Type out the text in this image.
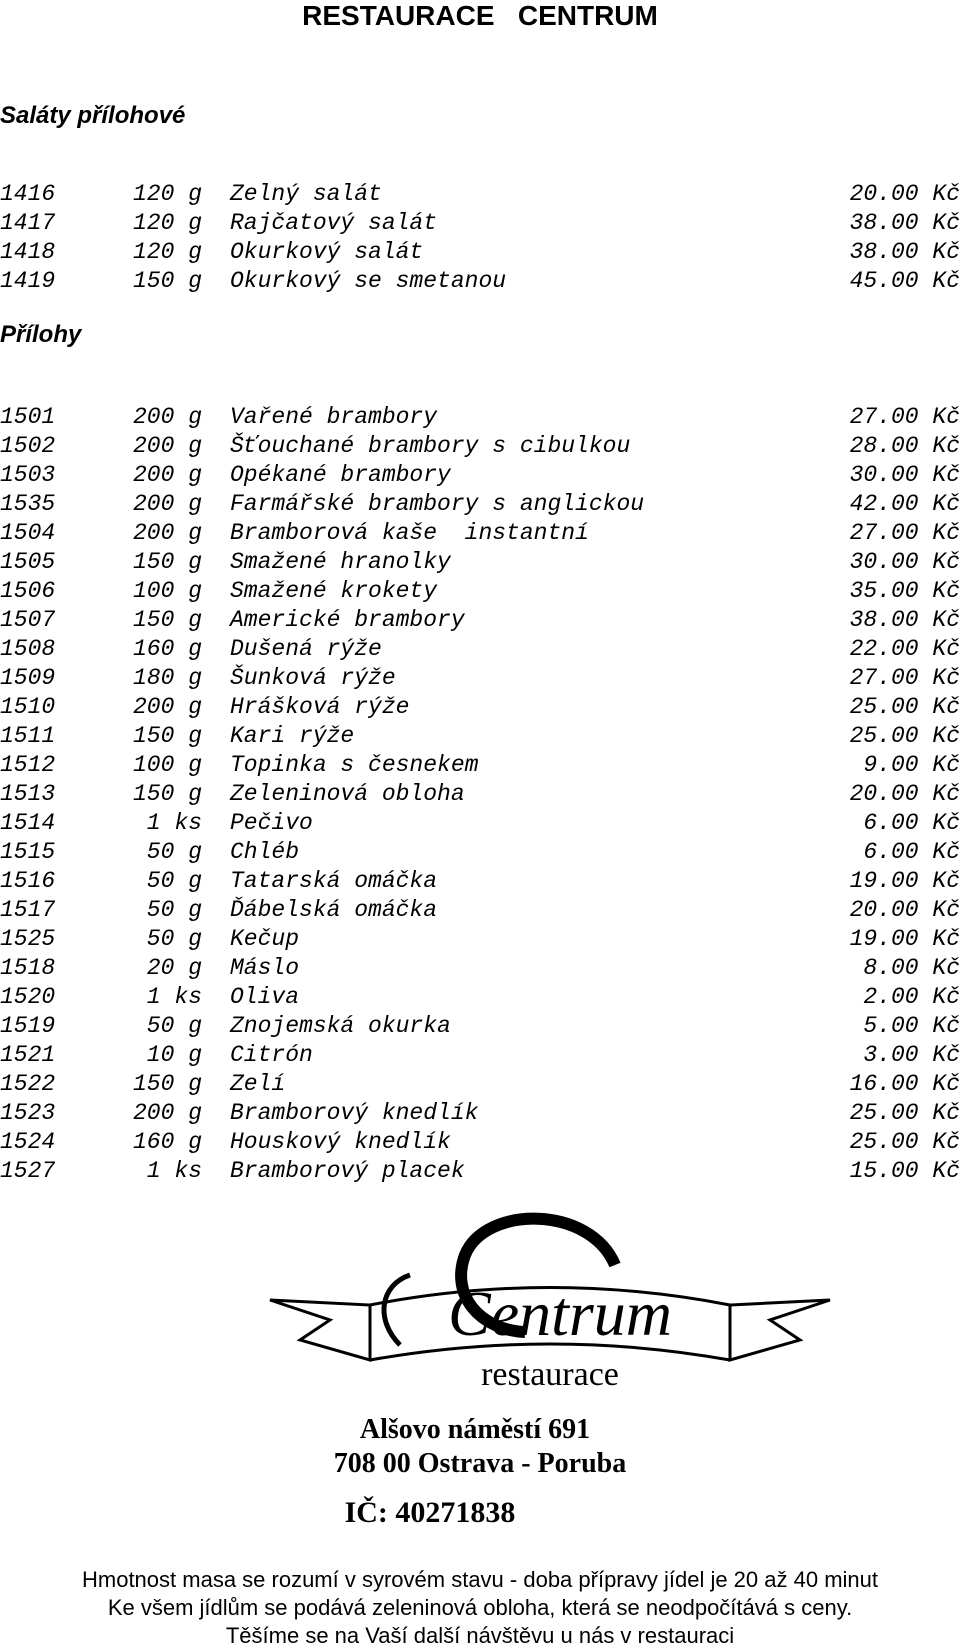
RESTAURACE   CENTRUM
Saláty přílohové
1416	120 g Zelný salát	20.00 Kč
1417	120 g Rajčatový salát	38.00 Kč
1418	120 g Okurkový salát	38.00 Kč
1419	150 g Okurkový se smetanou	45.00 Kč
Přílohy
1501	200 g Vařené brambory	27.00 Kč
1502	200 g Šťouchané brambory s cibulkou	28.00 Kč
1503	200 g Opékané brambory	30.00 Kč
1535	200 g Farmářské brambory s anglickou	42.00 Kč
1504	200 g Bramborová kaše  instantní	27.00 Kč
1505	150 g Smažené hranolky	30.00 Kč
1506	100 g Smažené krokety	35.00 Kč
1507	150 g Americké brambory	38.00 Kč
1508	160 g Dušená rýže	22.00 Kč
1509	180 g Šunková rýže	27.00 Kč
1510	200 g Hrášková rýže	25.00 Kč
1511	150 g Kari rýže	25.00 Kč
1512	100 g Topinka s česnekem	9.00 Kč
1513	150 g Zeleninová obloha	20.00 Kč
1514	1 ks Pečivo	6.00 Kč
1515	50 g Chléb	6.00 Kč
1516	50 g Tatarská omáčka	19.00 Kč
1517	50 g Ďábelská omáčka	20.00 Kč
1525	50 g Kečup	19.00 Kč
1518	20 g Máslo	8.00 Kč
1520	1 ks Oliva	2.00 Kč
1519	50 g Znojemská okurka	5.00 Kč
1521	10 g Citrón	3.00 Kč
1522	150 g Zelí	16.00 Kč
1523	200 g Bramborový knedlík	25.00 Kč
1524	160 g Houskový knedlík	25.00 Kč
1527	1 ks Bramborový placek	15.00 Kč
Centrum
restaurace
Alšovo náměstí 691
708 00 Ostrava - Poruba
IČ: 40271838
Hmotnost masa se rozumí v syrovém stavu - doba přípravy jídel je 20 až 40 minut
Ke všem jídlům se podává zeleninová obloha, která se neodpočítává s ceny.
Těšíme se na Vaší další návštěvu u nás v restauraci
